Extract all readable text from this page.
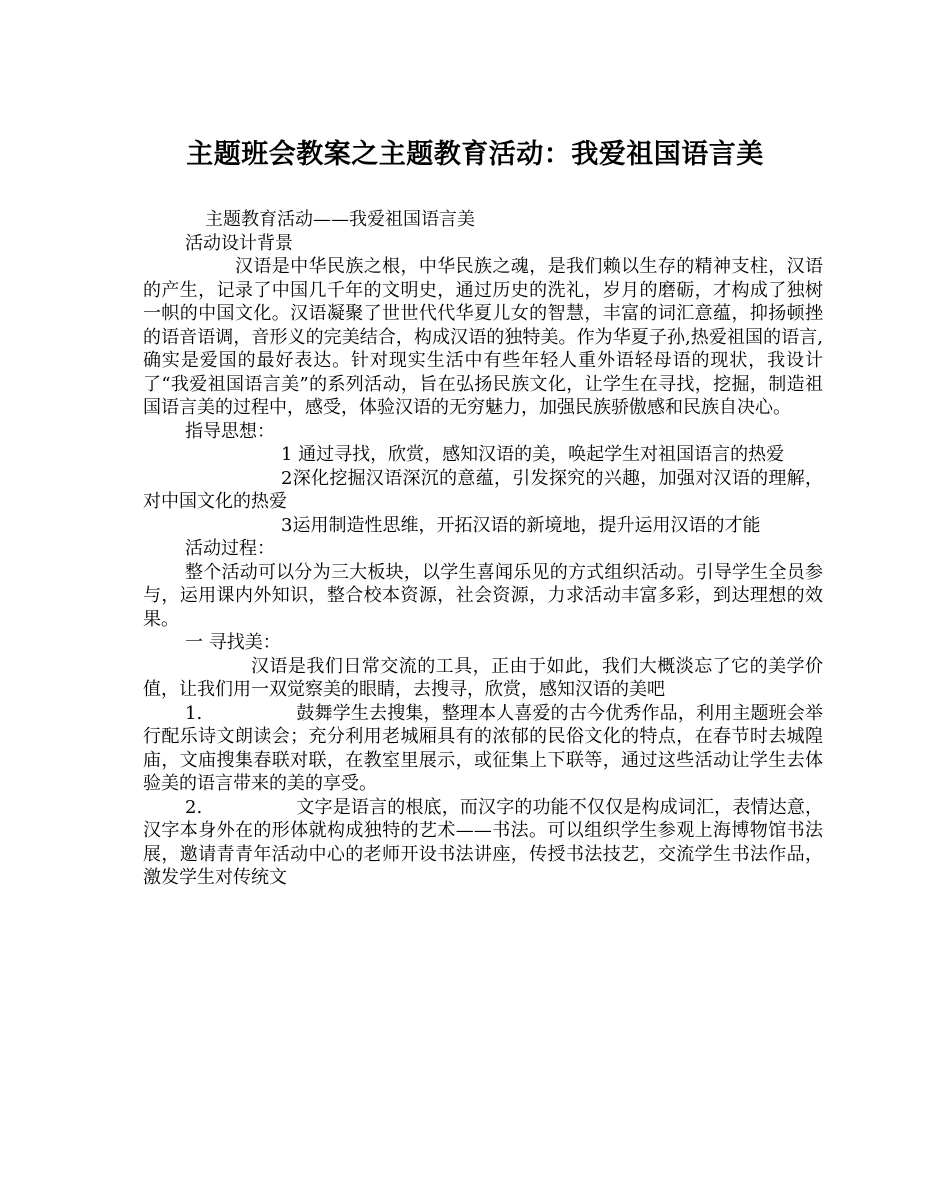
主题班会教案之主题教育活动：我爱祖国语言美

主题教育活动——我爱祖国语言美

活动设计背景

汉语是中华民族之根，中华民族之魂，是我们赖以生存的精神支柱，汉语的产生，记录了中国几千年的文明史，通过历史的洗礼，岁月的磨砺，才构成了独树一帜的中国文化。汉语凝聚了世世代代华夏儿女的智慧，丰富的词汇意蕴，抑扬顿挫的语音语调，音形义的完美结合，构成汉语的独特美。作为华夏子孙,热爱祖国的语言,确实是爱国的最好表达。针对现实生活中有些年轻人重外语轻母语的现状，我设计了“我爱祖国语言美”的系列活动，旨在弘扬民族文化，让学生在寻找，挖掘，制造祖国语言美的过程中，感受，体验汉语的无穷魅力，加强民族骄傲感和民族自决心。

指导思想：

1 通过寻找，欣赏，感知汉语的美，唤起学生对祖国语言的热爱

2深化挖掘汉语深沉的意蕴，引发探究的兴趣，加强对汉语的理解，对中国文化的热爱

3运用制造性思维，开拓汉语的新境地，提升运用汉语的才能

活动过程：

整个活动可以分为三大板块，以学生喜闻乐见的方式组织活动。引导学生全员参与，运用课内外知识，整合校本资源，社会资源，力求活动丰富多彩，到达理想的效果。

一 寻找美：

汉语是我们日常交流的工具，正由于如此，我们大概淡忘了它的美学价值，让我们用一双觉察美的眼睛，去搜寻，欣赏，感知汉语的美吧

1.                鼓舞学生去搜集，整理本人喜爱的古今优秀作品，利用主题班会举行配乐诗文朗读会；充分利用老城厢具有的浓郁的民俗文化的特点，在春节时去城隍庙，文庙搜集春联对联，在教室里展示，或征集上下联等，通过这些活动让学生去体验美的语言带来的美的享受。

2.                文字是语言的根底，而汉字的功能不仅仅是构成词汇，表情达意，汉字本身外在的形体就构成独特的艺术——书法。可以组织学生参观上海博物馆书法展，邀请青青年活动中心的老师开设书法讲座，传授书法技艺，交流学生书法作品，激发学生对传统文
